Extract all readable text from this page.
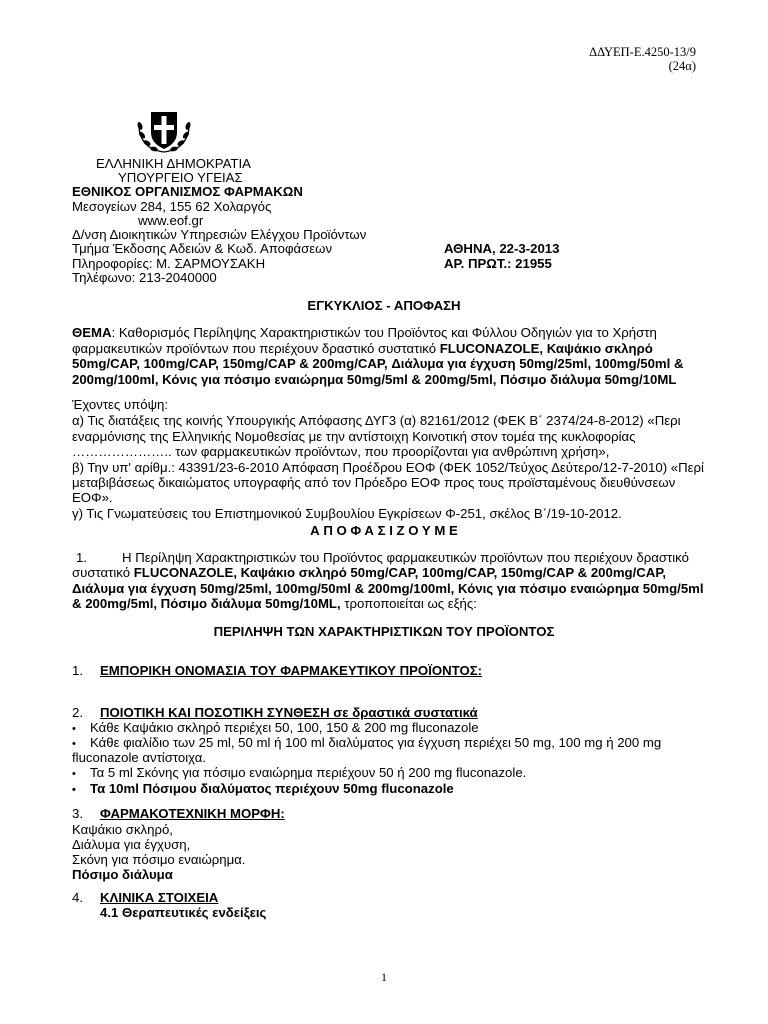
ΔΔΥΕΠ-Ε.4250-13/9
(24α)
ΕΛΛΗΝΙΚΗ ΔΗΜΟΚΡΑΤΙΑ
ΥΠΟΥΡΓΕΙΟ ΥΓΕΙΑΣ
ΕΘΝΙΚΟΣ ΟΡΓΑΝΙΣΜΟΣ ΦΑΡΜΑΚΩΝ
Μεσογείων 284, 155 62 Χολαργός
www.eof.gr
Δ/νση Διοικητικών Υπηρεσιών Ελέγχου Προϊόντων
Τμήμα Έκδοσης Αδειών & Κωδ. Αποφάσεων
Πληροφορίες: Μ. ΣΑΡΜΟΥΣΑΚΗ
Τηλέφωνο: 213-2040000
ΑΘΗΝΑ, 22-3-2013
ΑΡ. ΠΡΩΤ.: 21955
ΕΓΚΥΚΛΙΟΣ - ΑΠΟΦΑΣΗ
ΘΕΜΑ: Καθορισμός Περίληψης Χαρακτηριστικών του Προϊόντος και Φύλλου Οδηγιών για το Χρήστη
φαρμακευτικών προϊόντων που περιέχουν δραστικό συστατικό FLUCONAZOLE, Καψάκιο σκληρό
50mg/CAP, 100mg/CAP, 150mg/CAP & 200mg/CAP, Διάλυμα για έγχυση 50mg/25ml, 100mg/50ml &
200mg/100ml, Κόνις για πόσιμο εναιώρημα 50mg/5ml & 200mg/5ml, Πόσιμο διάλυμα 50mg/10ML
Έχοντες υπόψη:
α) Τις διατάξεις της κοινής Υπουργικής Απόφασης ΔΥΓ3 (α) 82161/2012 (ΦΕΚ Β΄ 2374/24-8-2012) «Περι
εναρμόνισης της Ελληνικής Νομοθεσίας με την αντίστοιχη Κοινοτική στον τομέα της κυκλοφορίας
………………….. των φαρμακευτικών προϊόντων, που προορίζονται για ανθρώπινη χρήση»,
β) Την υπ' αρίθμ.: 43391/23-6-2010 Απόφαση Προέδρου ΕΟΦ (ΦΕΚ 1052/Τεύχος Δεύτερο/12-7-2010) «Περί
μεταβιβάσεως δικαιώματος υπογραφής από τον Πρόεδρο ΕΟΦ προς τους προϊσταμένους διευθύνσεων
ΕΟΦ».
γ) Τις Γνωματεύσεις του Επιστημονικού Συμβουλίου Εγκρίσεων Φ-251, σκέλος Β΄/19-10-2012.
Α Π Ο Φ Α Σ Ι Ζ Ο Υ Μ Ε
1.	Η Περίληψη Χαρακτηριστικών του Προϊόντος φαρμακευτικών προϊόντων που περιέχουν δραστικό
συστατικό FLUCONAZOLE, Καψάκιο σκληρό 50mg/CAP, 100mg/CAP, 150mg/CAP & 200mg/CAP,
Διάλυμα για έγχυση 50mg/25ml, 100mg/50ml & 200mg/100ml, Κόνις για πόσιμο εναιώρημα 50mg/5ml
& 200mg/5ml, Πόσιμο διάλυμα 50mg/10ML, τροποποιείται ως εξής:
ΠΕΡΙΛΗΨΗ ΤΩΝ ΧΑΡΑΚΤΗΡΙΣΤΙΚΩΝ ΤΟΥ ΠΡΟΪΟΝΤΟΣ
1. ΕΜΠΟΡΙΚΗ ΟΝΟΜΑΣΙΑ ΤΟΥ ΦΑΡΜΑΚΕΥΤΙΚΟΥ ΠΡΟΪΟΝΤΟΣ:
2. ΠΟΙΟΤΙΚΗ ΚΑΙ ΠΟΣΟΤΙΚΗ ΣΥΝΘΕΣΗ σε δραστικά συστατικά
• Κάθε Καψάκιο σκληρό περιέχει 50, 100, 150 & 200 mg fluconazole
• Κάθε φιαλίδιο των 25 ml, 50 ml ή 100 ml διαλύματος για έγχυση περιέχει 50 mg, 100 mg ή 200 mg
fluconazole αντίστοιχα.
• Τα 5 ml Σκόνης για πόσιμο εναιώρημα περιέχουν 50 ή 200 mg fluconazole.
• Τα 10ml Πόσιμου διαλύματος περιέχουν 50mg fluconazole
3. ΦΑΡΜΑΚΟΤΕΧΝΙΚΗ ΜΟΡΦΗ:
Καψάκιο σκληρό,
Διάλυμα για έγχυση,
Σκόνη για πόσιμο εναιώρημα.
Πόσιμο διάλυμα
4. ΚΛΙΝΙΚΑ ΣΤΟΙΧΕΙΑ
4.1 Θεραπευτικές ενδείξεις
1
